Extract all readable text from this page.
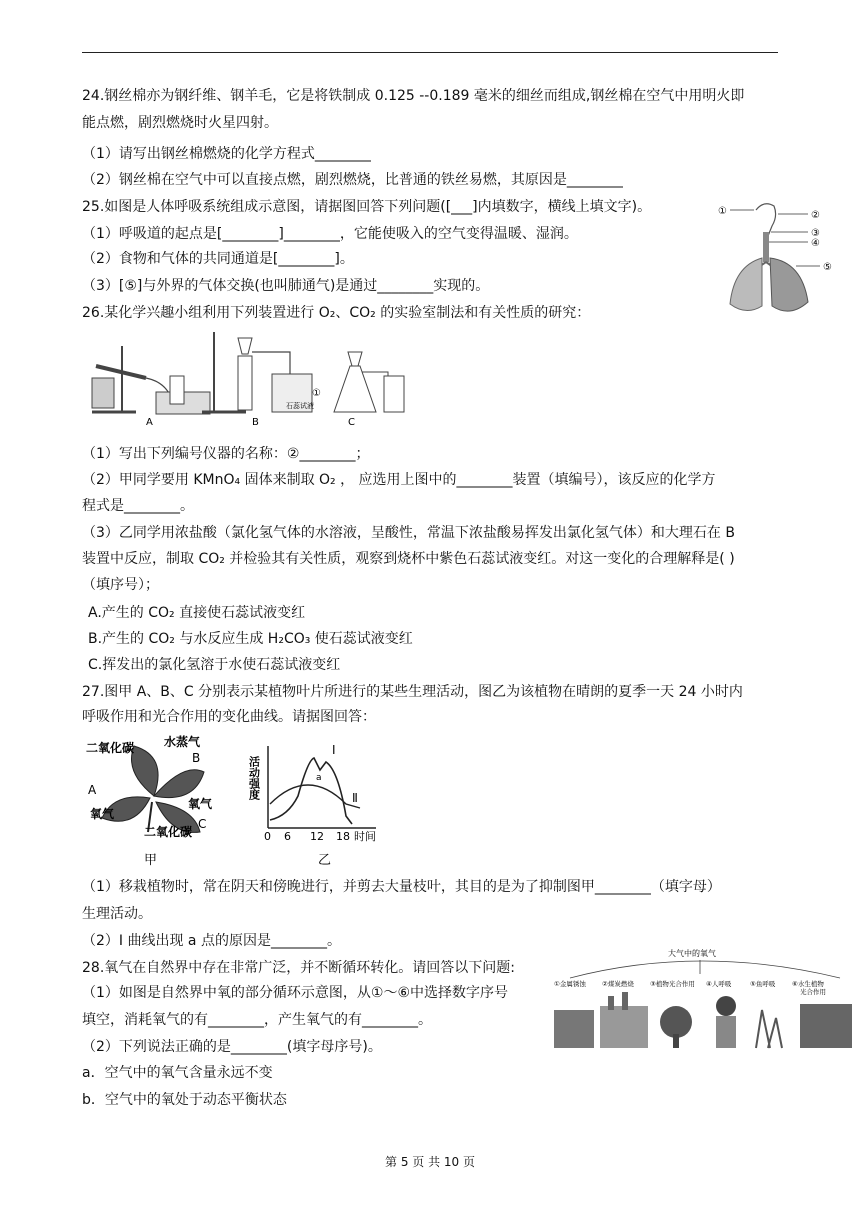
24.钢丝棉亦为钢纤维、钢羊毛，它是将铁制成 0.125 --0.189 毫米的细丝而组成,钢丝棉在空气中用明火即
能点燃，剧烈燃烧时火星四射。
（1）请写出钢丝棉燃烧的化学方程式________
（2）钢丝棉在空气中可以直接点燃，剧烈燃烧，比普通的铁丝易燃，其原因是________
25.如图是人体呼吸系统组成示意图，请据图回答下列问题([___]内填数字，横线上填文字)。
（1）呼吸道的起点是[________]________，它能使吸入的空气变得温暖、湿润。
（2）食物和气体的共同通道是[________]。
（3）[⑤]与外界的气体交换(也叫肺通气)是通过________实现的。
①	②
③
④
⑤
26.某化学兴趣小组利用下列装置进行 O₂、CO₂ 的实验室制法和有关性质的研究：
A
①
石蕊试液
B	C
（1）写出下列编号仪器的名称：②________；
（2）甲同学要用 KMnO₄ 固体来制取 O₂ ， 应选用上图中的________装置（填编号），该反应的化学方
程式是________。
（3）乙同学用浓盐酸（氯化氢气体的水溶液，呈酸性，常温下浓盐酸易挥发出氯化氢气体）和大理石在 B
装置中反应，制取 CO₂ 并检验其有关性质，观察到烧杯中紫色石蕊试液变红。对这一变化的合理解释是( )
（填序号）；
A.产生的 CO₂ 直接使石蕊试液变红
B.产生的 CO₂ 与水反应生成 H₂CO₃ 使石蕊试液变红
C.挥发出的氯化氢溶于水使石蕊试液变红
27.图甲 A、B、C 分别表示某植物叶片所进行的某些生理活动，图乙为该植物在晴朗的夏季一天 24 小时内
呼吸作用和光合作用的变化曲线。请据图回答：
二氧化碳 水蒸气
A
B
C
氧气
氧气
二氧化碳
甲
活动强度
Ⅰ
Ⅱ
a
0 6 12 18 时间
乙
（1）移栽植物时，常在阴天和傍晚进行，并剪去大量枝叶，其目的是为了抑制图甲________（填字母）
生理活动。
（2）I 曲线出现 a 点的原因是________。
28.氧气在自然界中存在非常广泛，并不断循环转化。请回答以下问题:
（1）如图是自然界中氧的部分循环示意图，从①～⑥中选择数字序号
填空，消耗氧气的有________，产生氧气的有________。
（2）下列说法正确的是________(填字母序号)。
a．空气中的氧气含量永远不变
b．空气中的氧处于动态平衡状态
大气中的氧气
①金属锈蚀 ②煤炭燃烧 ③植物光合作用 ④人呼吸	⑤鱼呼吸	⑥水生植物
光合作用
第 5 页 共 10 页
